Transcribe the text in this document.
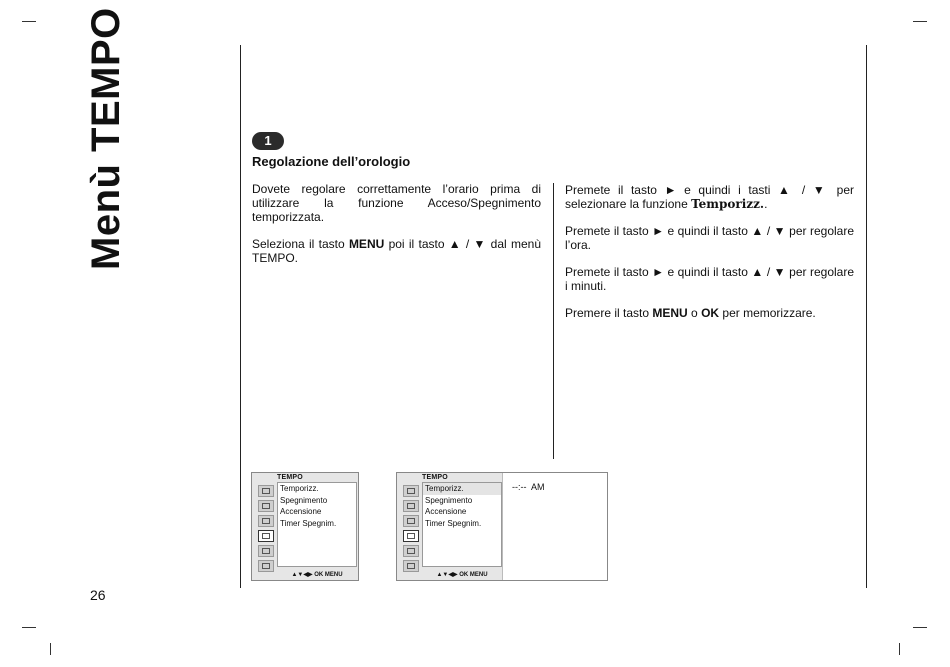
Menù TEMPO
26
1
Regolazione dell’orologio

Dovete regolare correttamente l’orario prima di utilizzare la funzione Acceso/Spegnimento temporizzata.

Seleziona il tasto MENU poi il tasto ▲ / ▼ dal menù TEMPO.

Premete il tasto ► e quindi i tasti ▲ / ▼ per selezionare la funzione Temporizz..

Premete il tasto ► e quindi il tasto ▲ / ▼ per regolare l’ora.

Premete il tasto ► e quindi il tasto ▲ / ▼ per regolare i minuti.

Premere il tasto MENU o OK per memorizzare.

TEMPO
Temporizz.
Spegnimento
Accensione
Timer Spegnim.
▲▼◀▶ OK MENU
TEMPO
Temporizz.
Spegnimento
Accensione
Timer Spegnim.
▲▼◀▶ OK MENU
--:--  AM
